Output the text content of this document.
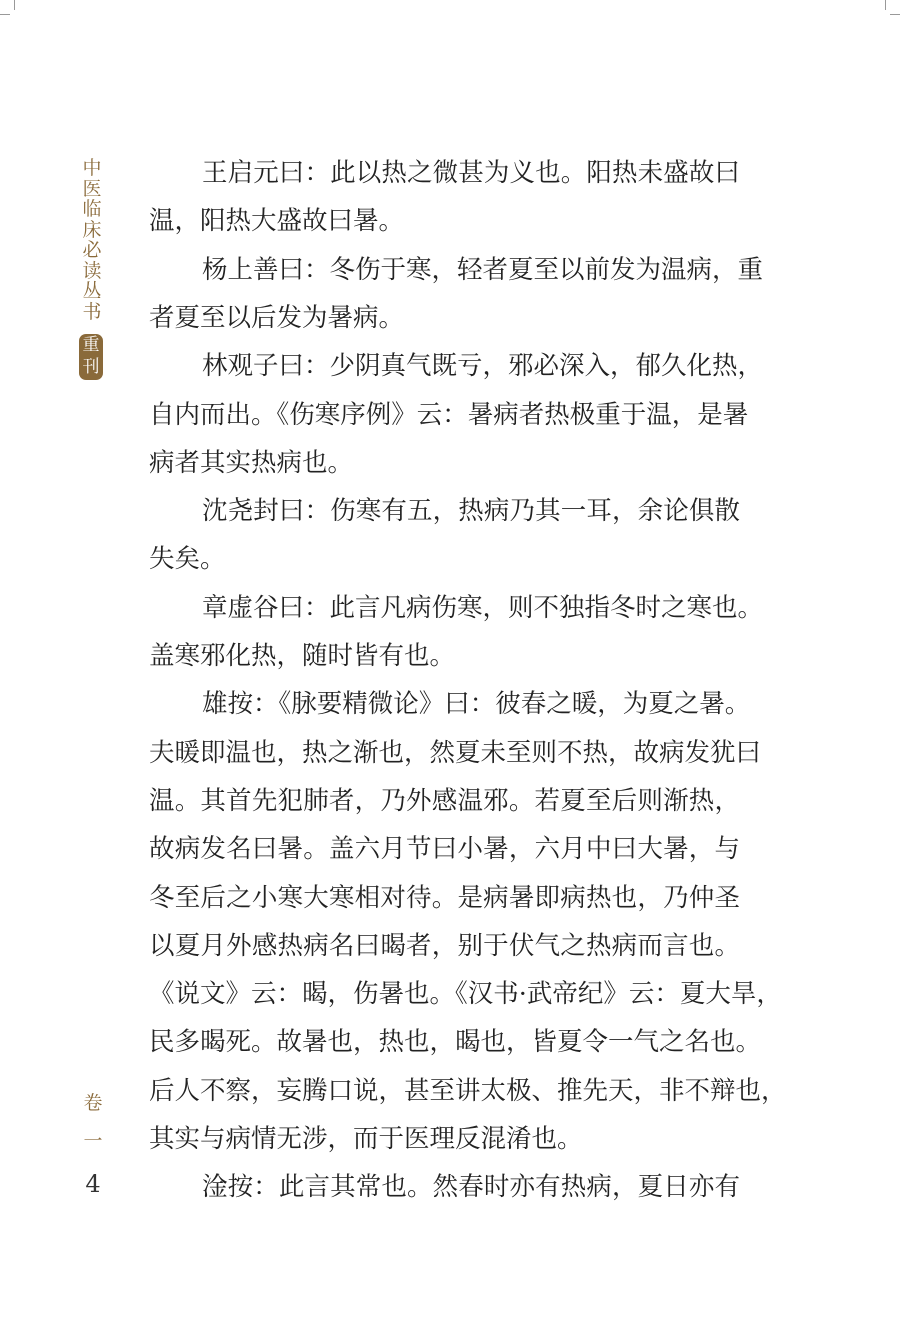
中
医
临
床
必
读
丛
书
重
刊
卷
一
4
王启元曰：此以热之微甚为义也。阳热未盛故曰
温，阳热大盛故曰暑。
杨上善曰：冬伤于寒，轻者夏至以前发为温病，重
者夏至以后发为暑病。
林观子曰：少阴真气既亏，邪必深入，郁久化热，
自内而出。《伤寒序例》云：暑病者热极重于温，是暑
病者其实热病也。
沈尧封曰：伤寒有五，热病乃其一耳，余论俱散
失矣。
章虚谷曰：此言凡病伤寒，则不独指冬时之寒也。
盖寒邪化热，随时皆有也。
雄按：《脉要精微论》曰：彼春之暖，为夏之暑。
夫暖即温也，热之渐也，然夏未至则不热，故病发犹曰
温。其首先犯肺者，乃外感温邪。若夏至后则渐热，
故病发名曰暑。盖六月节曰小暑，六月中曰大暑，与
冬至后之小寒大寒相对待。是病暑即病热也，乃仲圣
以夏月外感热病名曰暍者，别于伏气之热病而言也。
《说文》云：暍，伤暑也。《汉书·武帝纪》云：夏大旱，
民多暍死。故暑也，热也，暍也，皆夏令一气之名也。
后人不察，妄腾口说，甚至讲太极、推先天，非不辩也，
其实与病情无涉，而于医理反混淆也。
淦按：此言其常也。然春时亦有热病，夏日亦有
